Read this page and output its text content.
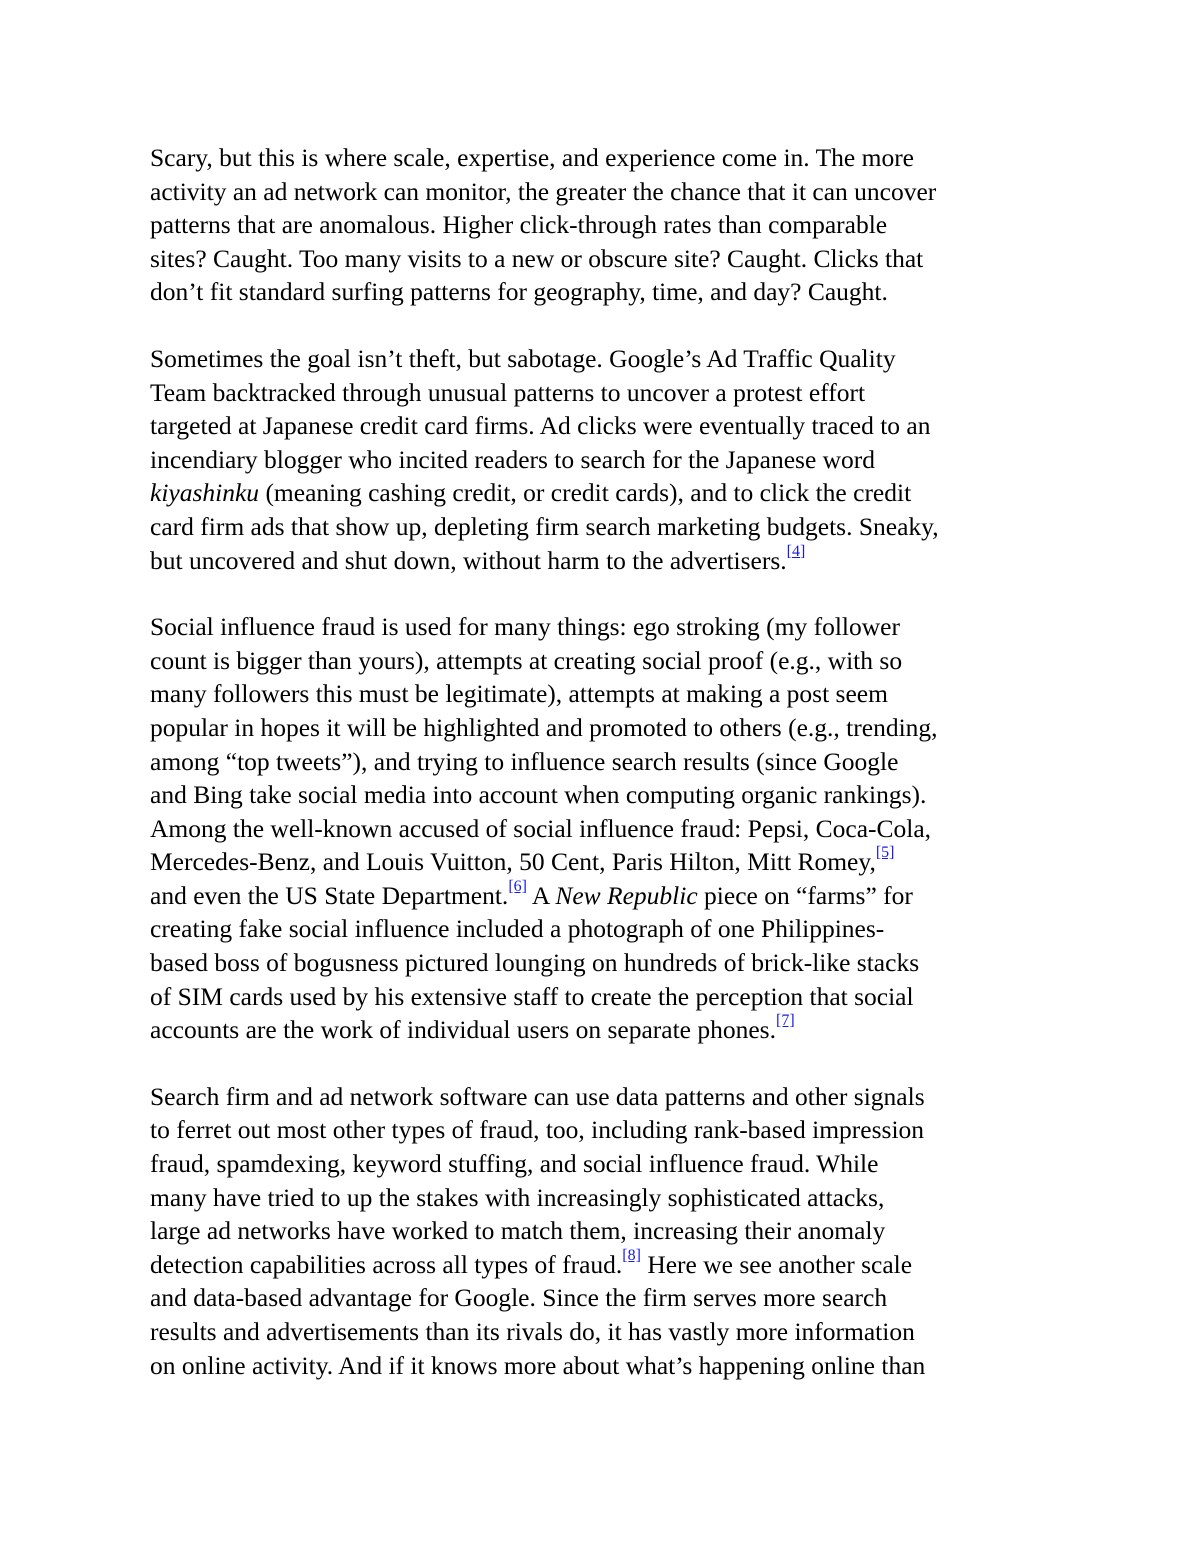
Scary, but this is where scale, expertise, and experience come in. The more
activity an ad network can monitor, the greater the chance that it can uncover
patterns that are anomalous. Higher click-through rates than comparable
sites? Caught. Too many visits to a new or obscure site? Caught. Clicks that
don’t fit standard surfing patterns for geography, time, and day? Caught.

Sometimes the goal isn’t theft, but sabotage. Google’s Ad Traffic Quality
Team backtracked through unusual patterns to uncover a protest effort
targeted at Japanese credit card firms. Ad clicks were eventually traced to an
incendiary blogger who incited readers to search for the Japanese word
kiyashinku (meaning cashing credit, or credit cards), and to click the credit
card firm ads that show up, depleting firm search marketing budgets. Sneaky,
but uncovered and shut down, without harm to the advertisers.[4]

Social influence fraud is used for many things: ego stroking (my follower
count is bigger than yours), attempts at creating social proof (e.g., with so
many followers this must be legitimate), attempts at making a post seem
popular in hopes it will be highlighted and promoted to others (e.g., trending,
among “top tweets”), and trying to influence search results (since Google
and Bing take social media into account when computing organic rankings).
Among the well-known accused of social influence fraud: Pepsi, Coca-Cola,
Mercedes-Benz, and Louis Vuitton, 50 Cent, Paris Hilton, Mitt Romey,[5]
and even the US State Department.[6] A New Republic piece on “farms” for
creating fake social influence included a photograph of one Philippines-
based boss of bogusness pictured lounging on hundreds of brick-like stacks
of SIM cards used by his extensive staff to create the perception that social
accounts are the work of individual users on separate phones.[7]

Search firm and ad network software can use data patterns and other signals
to ferret out most other types of fraud, too, including rank-based impression
fraud, spamdexing, keyword stuffing, and social influence fraud. While
many have tried to up the stakes with increasingly sophisticated attacks,
large ad networks have worked to match them, increasing their anomaly
detection capabilities across all types of fraud.[8] Here we see another scale
and data-based advantage for Google. Since the firm serves more search
results and advertisements than its rivals do, it has vastly more information
on online activity. And if it knows more about what’s happening online than
